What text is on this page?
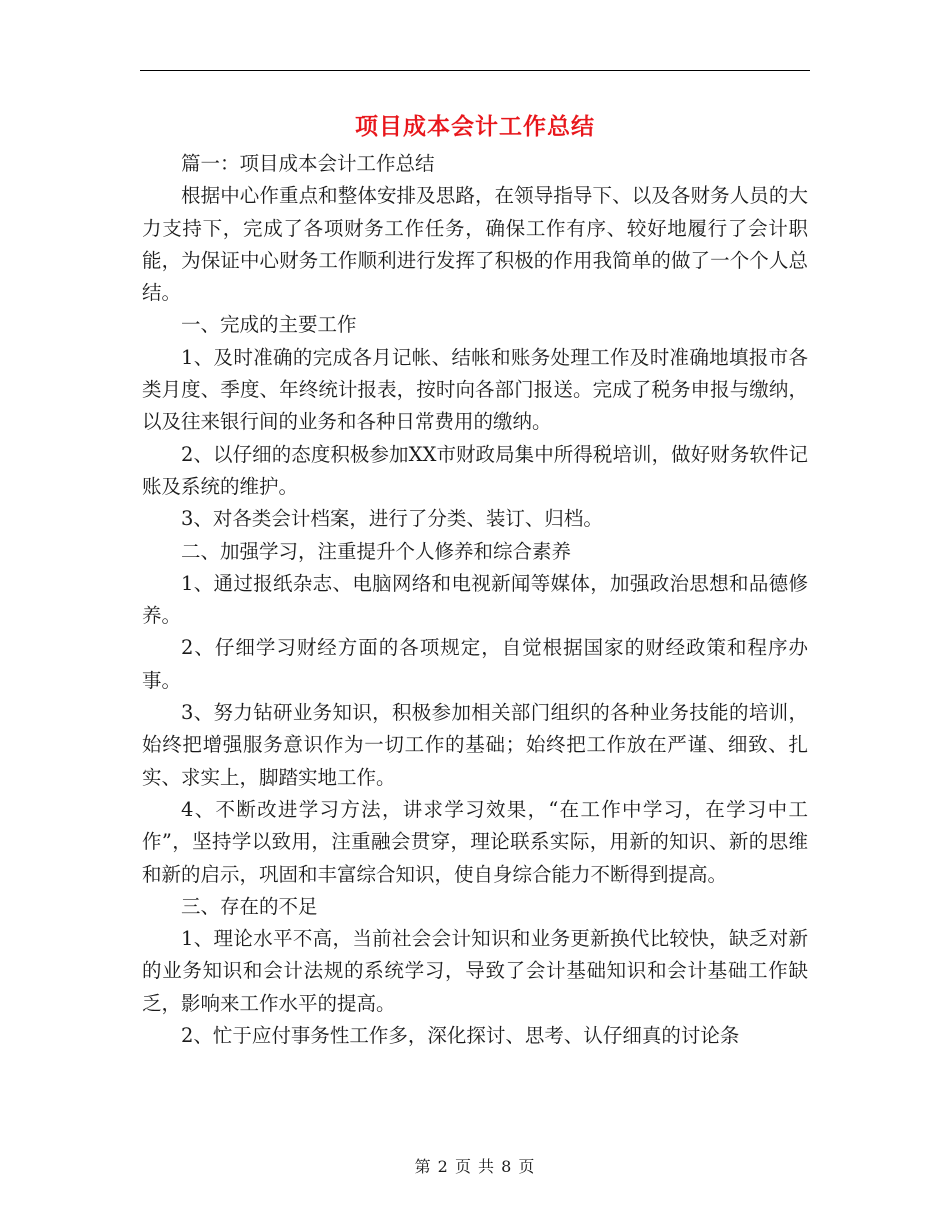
项目成本会计工作总结

篇一：项目成本会计工作总结

根据中心作重点和整体安排及思路，在领导指导下、以及各财务人员的大力支持下，完成了各项财务工作任务，确保工作有序、较好地履行了会计职能，为保证中心财务工作顺利进行发挥了积极的作用我简单的做了一个个人总结。

一、完成的主要工作

1、及时准确的完成各月记帐、结帐和账务处理工作及时准确地填报市各类月度、季度、年终统计报表，按时向各部门报送。完成了税务申报与缴纳，以及往来银行间的业务和各种日常费用的缴纳。

2、以仔细的态度积极参加XX市财政局集中所得税培训，做好财务软件记账及系统的维护。

3、对各类会计档案，进行了分类、装订、归档。

二、加强学习，注重提升个人修养和综合素养

1、通过报纸杂志、电脑网络和电视新闻等媒体，加强政治思想和品德修养。

2、仔细学习财经方面的各项规定，自觉根据国家的财经政策和程序办事。

3、努力钻研业务知识，积极参加相关部门组织的各种业务技能的培训，始终把增强服务意识作为一切工作的基础；始终把工作放在严谨、细致、扎实、求实上，脚踏实地工作。

4、不断改进学习方法，讲求学习效果，“在工作中学习，在学习中工作”，坚持学以致用，注重融会贯穿，理论联系实际，用新的知识、新的思维和新的启示，巩固和丰富综合知识，使自身综合能力不断得到提高。

三、存在的不足

1、理论水平不高，当前社会会计知识和业务更新换代比较快，缺乏对新的业务知识和会计法规的系统学习，导致了会计基础知识和会计基础工作缺乏，影响来工作水平的提高。

2、忙于应付事务性工作多，深化探讨、思考、认仔细真的讨论条

第 2 页 共 8 页
